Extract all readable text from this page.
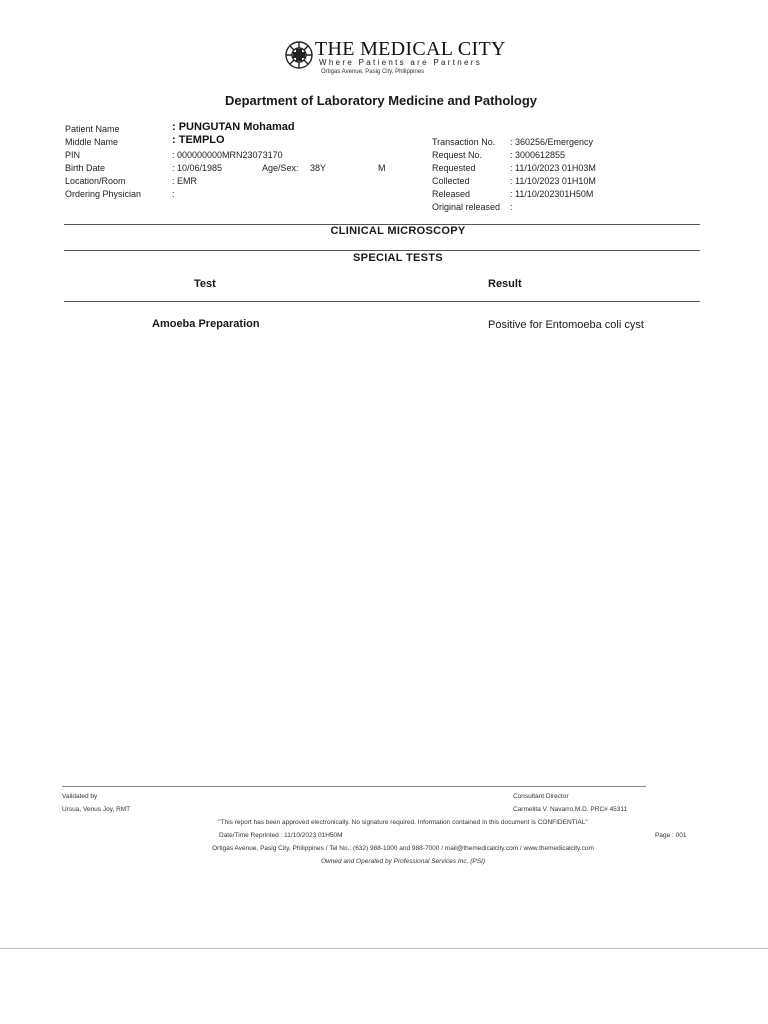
THE MEDICAL CITY
Where Patients are Partners
Ortigas Avenue, Pasig City, Philippines
Department of Laboratory Medicine and Pathology
Patient Name	: PUNGUTAN Mohamad
Middle Name	: TEMPLO
PIN	: 000000000MRN23073170
Birth Date	: 10/06/1985	Age/Sex: 38Y	M
Location/Room	: EMR
Ordering Physician	:
Transaction No. : 360256/Emergency
Request No.	: 3000612855
Requested	: 11/10/2023 01H03M
Collected	: 11/10/2023 01H10M
Released	: 11/10/202301H50M
Original released :
CLINICAL MICROSCOPY
SPECIAL TESTS
Test	Result
Amoeba Preparation	Positive for Entomoeba coli cyst
Validated by
Ursua, Venus Joy, RMT
Consultant Director
Carmelita V. Navarro,M.D. PRC# 45311
"This report has been approved electronically. No signature required. Information contained in this document is CONFIDENTIAL"
Date/Time Reprinted : 11/10/2023 01H50M	Page : 001
Ortigas Avenue, Pasig City, Philippines / Tel No.: (632) 988-1000 and 988-7000 / mail@themedicalcity.com / www.themedicalcity.com
Owned and Operated by Professional Services Inc. (PSI)
